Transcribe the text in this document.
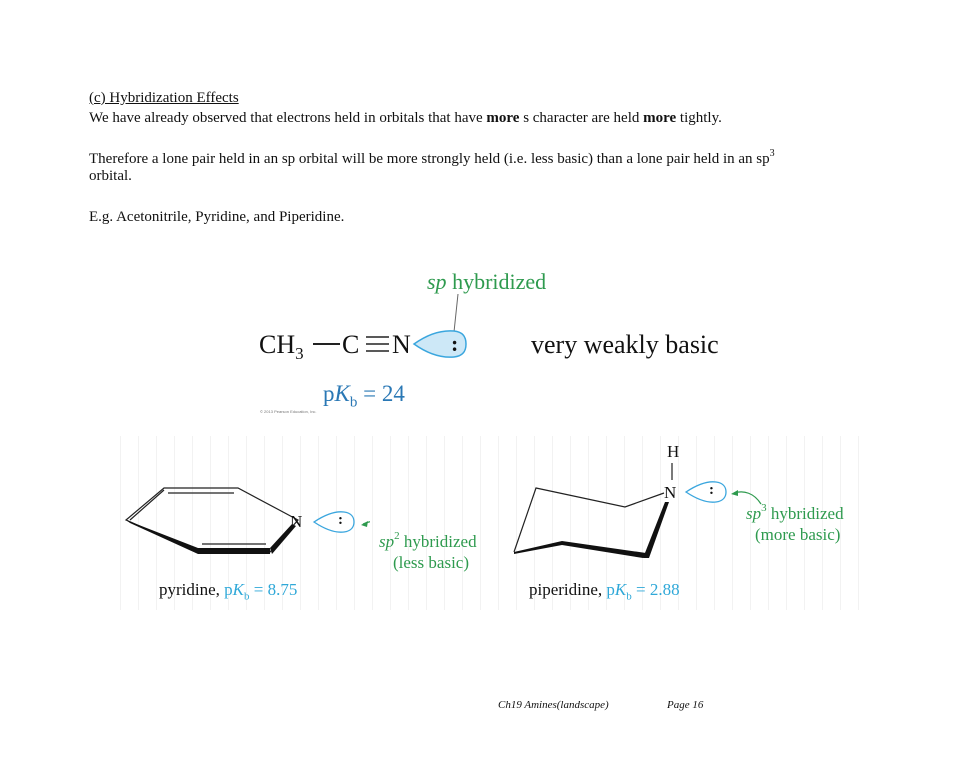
(c) Hybridization Effects
We have already observed that electrons held in orbitals that have more s character are held more tightly.
Therefore a lone pair held in an sp orbital will be more strongly held (i.e. less basic) than a lone pair held in an $sp^3$
orbital.
E.g. Acetonitrile, Pyridine, and Piperidine.
sp hybridized
$CH_3$ C N :	very weakly basic
$pK_b = 24$
© 2013 Pearson Education, Inc.
N :
$sp^2$ hybridized
(less basic)
pyridine, $pK_b = 8.75$
H
N :
$sp^3$ hybridized
(more basic)
piperidine, $pK_b = 2.88$
Ch19 Amines(landscape)	Page 16
